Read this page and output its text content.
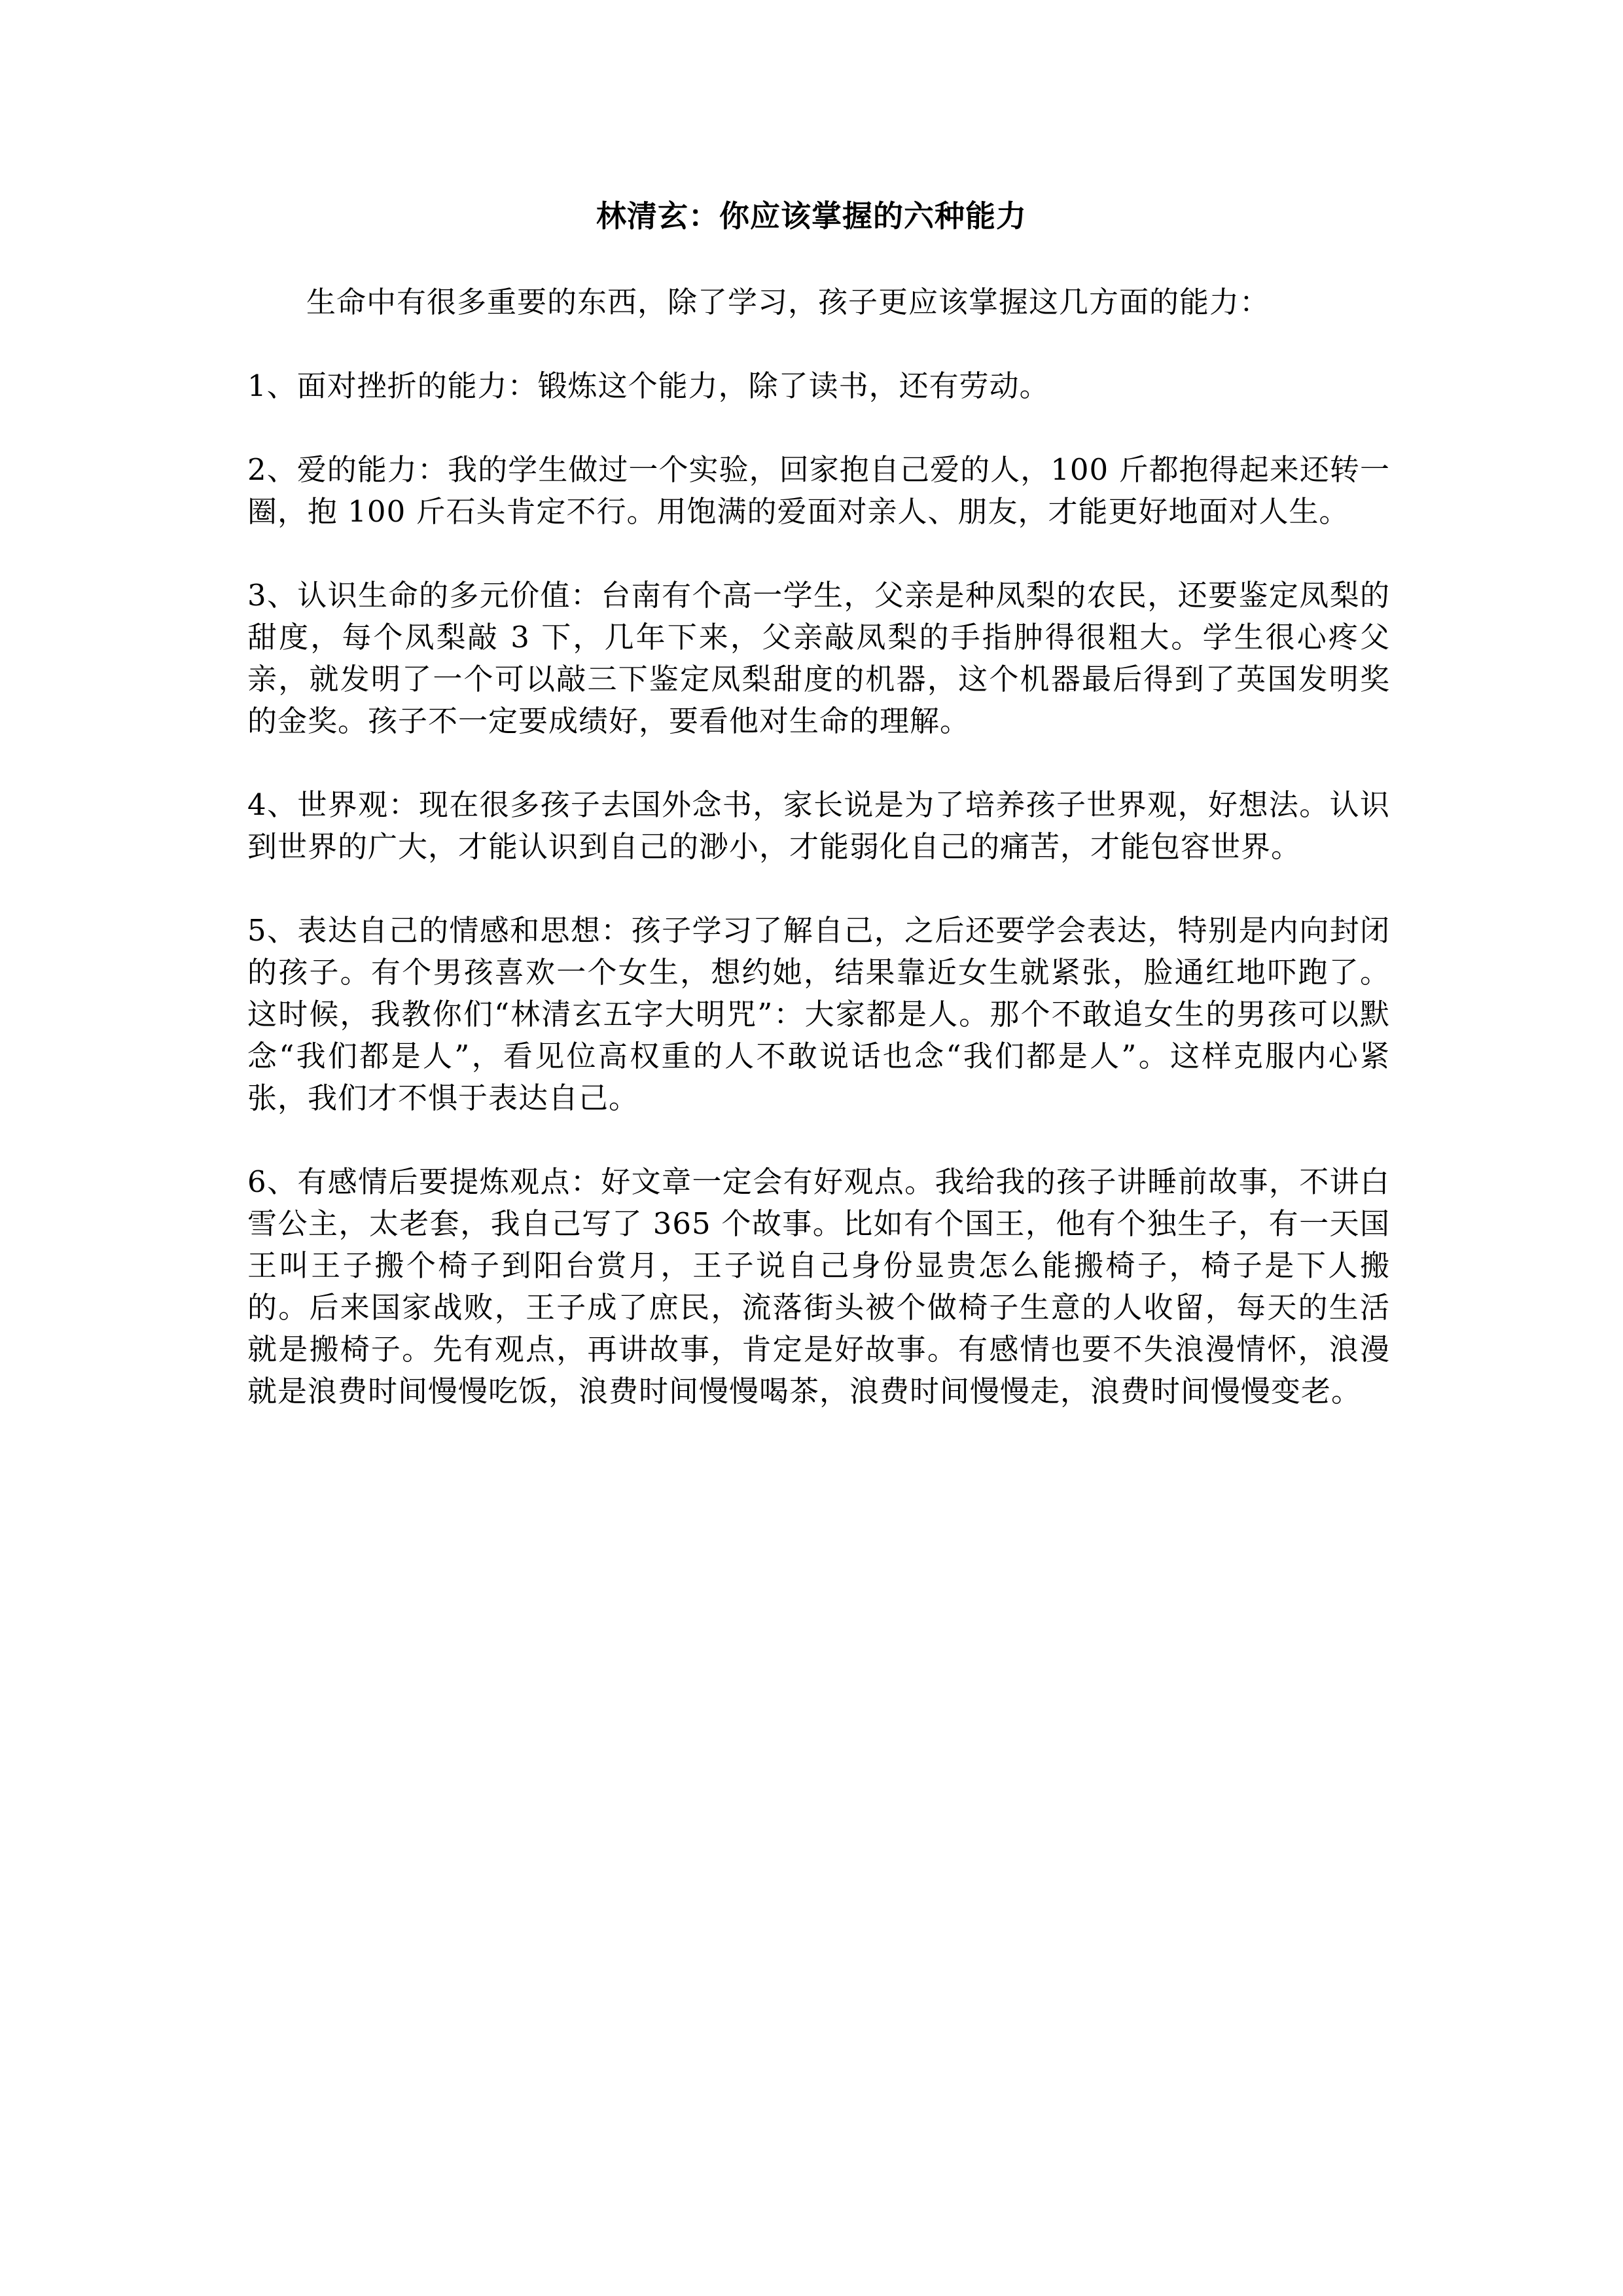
林清玄：你应该掌握的六种能力

生命中有很多重要的东西，除了学习，孩子更应该掌握这几方面的能力：

1、面对挫折的能力：锻炼这个能力，除了读书，还有劳动。

2、爱的能力：我的学生做过一个实验，回家抱自己爱的人，100 斤都抱得起来还转一圈，抱 100 斤石头肯定不行。用饱满的爱面对亲人、朋友，才能更好地面对人生。

3、认识生命的多元价值：台南有个高一学生，父亲是种凤梨的农民，还要鉴定凤梨的甜度，每个凤梨敲 3 下，几年下来，父亲敲凤梨的手指肿得很粗大。学生很心疼父亲，就发明了一个可以敲三下鉴定凤梨甜度的机器，这个机器最后得到了英国发明奖的金奖。孩子不一定要成绩好，要看他对生命的理解。

4、世界观：现在很多孩子去国外念书，家长说是为了培养孩子世界观，好想法。认识到世界的广大，才能认识到自己的渺小，才能弱化自己的痛苦，才能包容世界。

5、表达自己的情感和思想：孩子学习了解自己，之后还要学会表达，特别是内向封闭的孩子。有个男孩喜欢一个女生，想约她，结果靠近女生就紧张，脸通红地吓跑了。这时候，我教你们“林清玄五字大明咒”：大家都是人。那个不敢追女生的男孩可以默念“我们都是人”，看见位高权重的人不敢说话也念“我们都是人”。这样克服内心紧张，我们才不惧于表达自己。

6、有感情后要提炼观点：好文章一定会有好观点。我给我的孩子讲睡前故事，不讲白雪公主，太老套，我自己写了 365 个故事。比如有个国王，他有个独生子，有一天国王叫王子搬个椅子到阳台赏月，王子说自己身份显贵怎么能搬椅子，椅子是下人搬的。后来国家战败，王子成了庶民，流落街头被个做椅子生意的人收留，每天的生活就是搬椅子。先有观点，再讲故事，肯定是好故事。有感情也要不失浪漫情怀，浪漫就是浪费时间慢慢吃饭，浪费时间慢慢喝茶，浪费时间慢慢走，浪费时间慢慢变老。
